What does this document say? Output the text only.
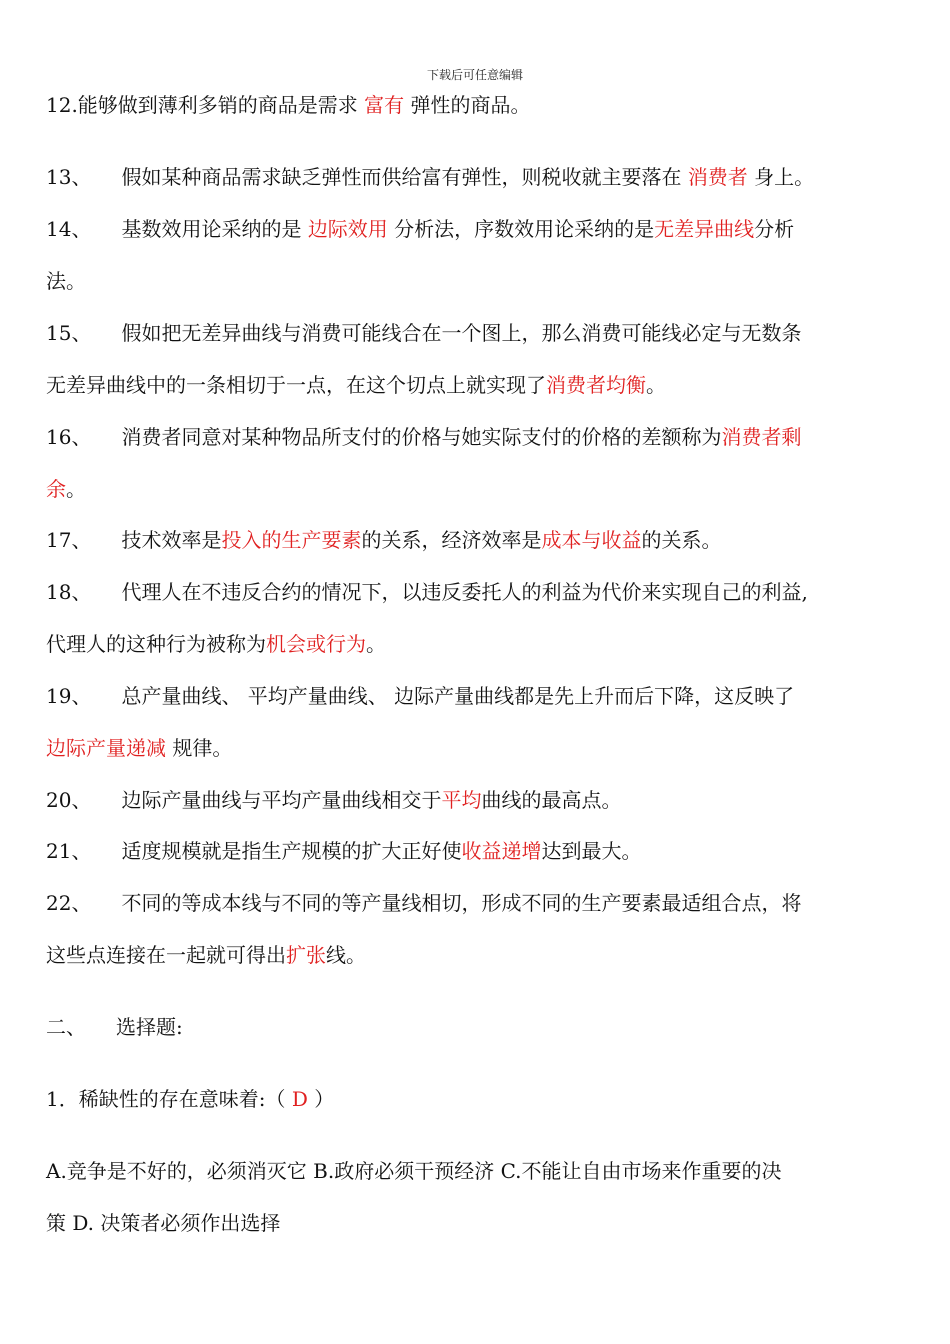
下载后可任意编辑
12.能够做到薄利多销的商品是需求 富有 弹性的商品。
13、 假如某种商品需求缺乏弹性而供给富有弹性，则税收就主要落在 消费者 身上。
14、 基数效用论采纳的是 边际效用 分析法，序数效用论采纳的是无差异曲线分析
法。
15、 假如把无差异曲线与消费可能线合在一个图上，那么消费可能线必定与无数条
无差异曲线中的一条相切于一点，在这个切点上就实现了消费者均衡。
16、 消费者同意对某种物品所支付的价格与她实际支付的价格的差额称为消费者剩
余。
17、 技术效率是投入的生产要素的关系，经济效率是成本与收益的关系。
18、 代理人在不违反合约的情况下，以违反委托人的利益为代价来实现自己的利益,
代理人的这种行为被称为机会或行为。
19、 总产量曲线、 平均产量曲线、 边际产量曲线都是先上升而后下降，这反映了
边际产量递减 规律。
20、 边际产量曲线与平均产量曲线相交于平均曲线的最高点。
21、 适度规模就是指生产规模的扩大正好使收益递增达到最大。
22、 不同的等成本线与不同的等产量线相切，形成不同的生产要素最适组合点，将
这些点连接在一起就可得出扩张线。
二、 选择题:
1．稀缺性的存在意味着:（ D ）
A.竞争是不好的，必须消灭它 B.政府必须干预经济 C.不能让自由市场来作重要的决
策 D. 决策者必须作出选择
